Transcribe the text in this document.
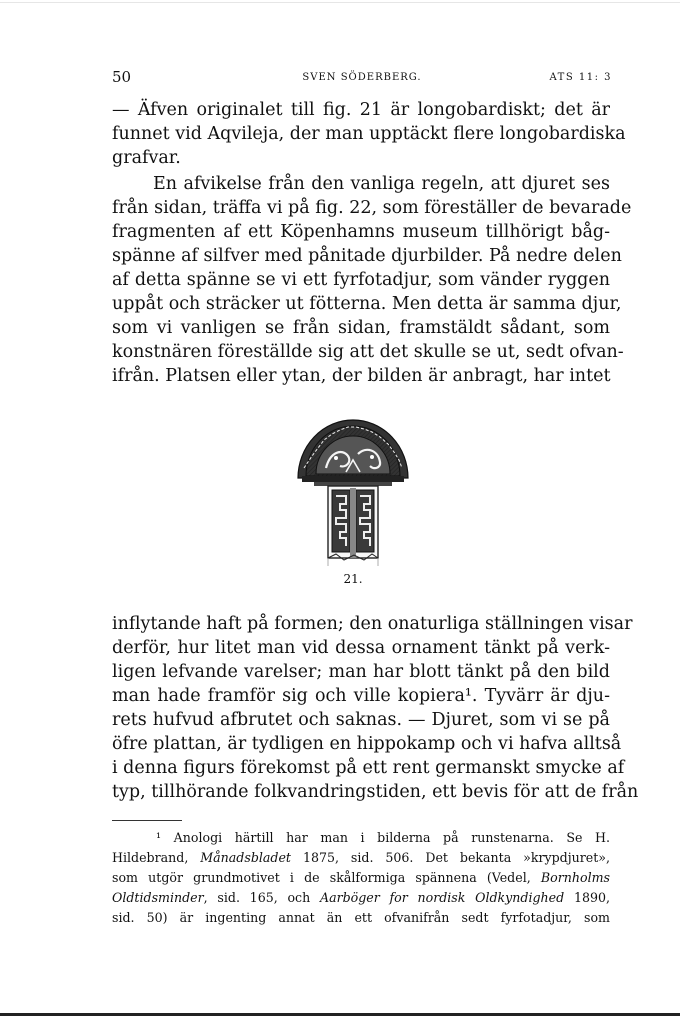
50	SVEN SÖDERBERG.	ATS 11: 3
— Äfven originalet till fig. 21 är longobardiskt; det är
funnet vid Aqvileja, der man upptäckt flere longobardiska
grafvar.
En afvikelse från den vanliga regeln, att djuret ses
från sidan, träffa vi på fig. 22, som föreställer de bevarade
fragmenten af ett Köpenhamns museum tillhörigt båg-
spänne af silfver med pånitade djurbilder. På nedre delen
af detta spänne se vi ett fyrfotadjur, som vänder ryggen
uppåt och sträcker ut fötterna. Men detta är samma djur,
som vi vanligen se från sidan, framstäldt sådant, som
konstnären föreställde sig att det skulle se ut, sedt ofvan-
ifrån. Platsen eller ytan, der bilden är anbragt, har intet
21.
inflytande haft på formen; den onaturliga ställningen visar
derför, hur litet man vid dessa ornament tänkt på verk-
ligen lefvande varelser; man har blott tänkt på den bild
man hade framför sig och ville kopiera¹. Tyvärr är dju-
rets hufvud afbrutet och saknas. — Djuret, som vi se på
öfre plattan, är tydligen en hippokamp och vi hafva alltså
i denna figurs förekomst på ett rent germanskt smycke af
typ, tillhörande folkvandringstiden, ett bevis för att de från
¹ Anologi härtill har man i bilderna på runstenarna. Se H.
Hildebrand, Månadsbladet 1875, sid. 506. Det bekanta »krypdjuret»,
som utgör grundmotivet i de skålformiga spännena (Vedel, Bornholms
Oldtidsminder, sid. 165, och Aarböger for nordisk Oldkyndighed 1890,
sid. 50) är ingenting annat än ett ofvanifrån sedt fyrfotadjur, som
